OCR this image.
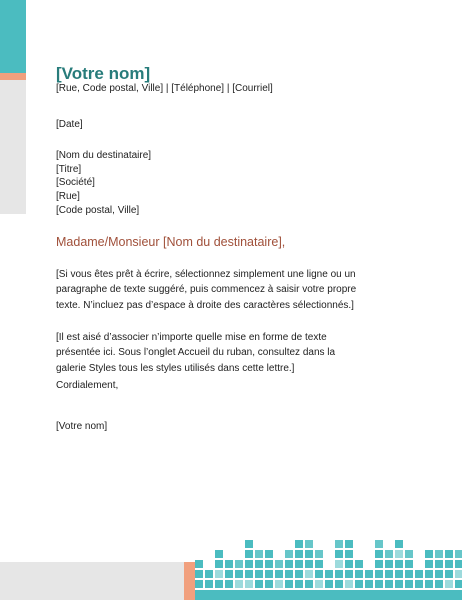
[Votre nom]
[Rue, Code postal, Ville] | [Téléphone] | [Courriel]
[Date]
[Nom du destinataire]
[Titre]
[Société]
[Rue]
[Code postal, Ville]
Madame/Monsieur [Nom du destinataire],
[Si vous êtes prêt à écrire, sélectionnez simplement une ligne ou un paragraphe de texte suggéré, puis commencez à saisir votre propre texte. N’incluez pas d’espace à droite des caractères sélectionnés.]
[Il est aisé d’associer n’importe quelle mise en forme de texte présentée ici. Sous l’onglet Accueil du ruban, consultez dans la galerie Styles tous les styles utilisés dans cette lettre.]
Cordialement,
[Votre nom]
